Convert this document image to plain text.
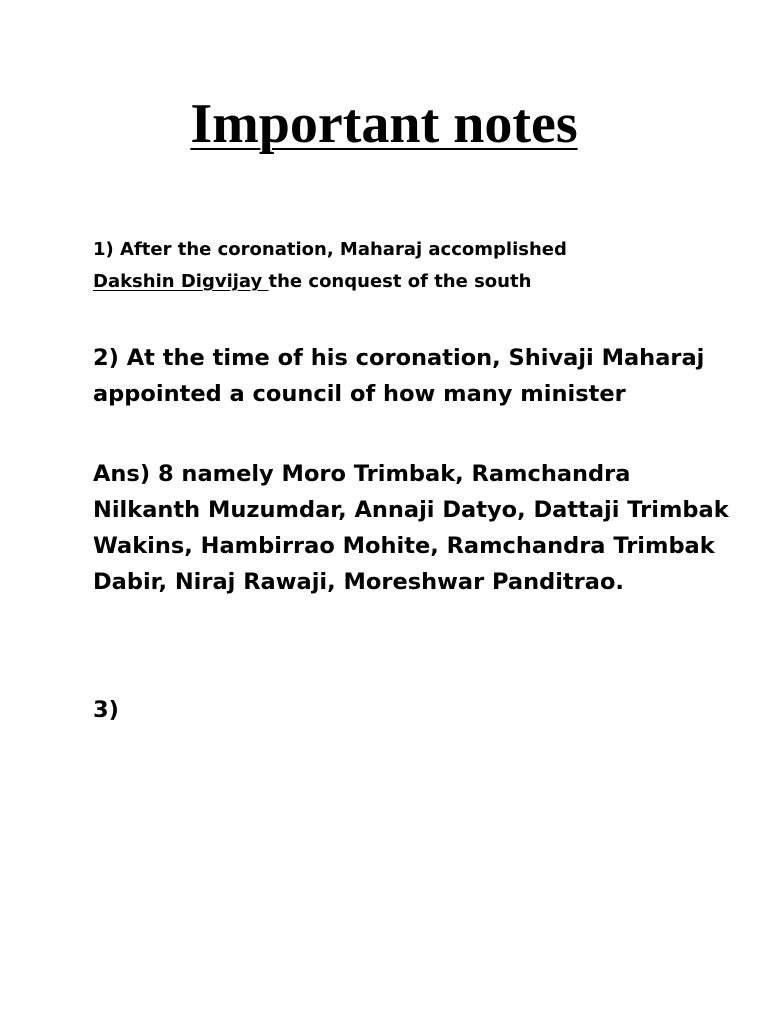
Important notes

1) After the coronation, Maharaj accomplished
Dakshin Digvijay the conquest of the south

2) At the time of his coronation, Shivaji Maharaj appointed a council of how many minister

Ans) 8 namely Moro Trimbak, Ramchandra Nilkanth Muzumdar, Annaji Datyo, Dattaji Trimbak Wakins, Hambirrao Mohite, Ramchandra Trimbak Dabir, Niraj Rawaji, Moreshwar Panditrao.

3)
